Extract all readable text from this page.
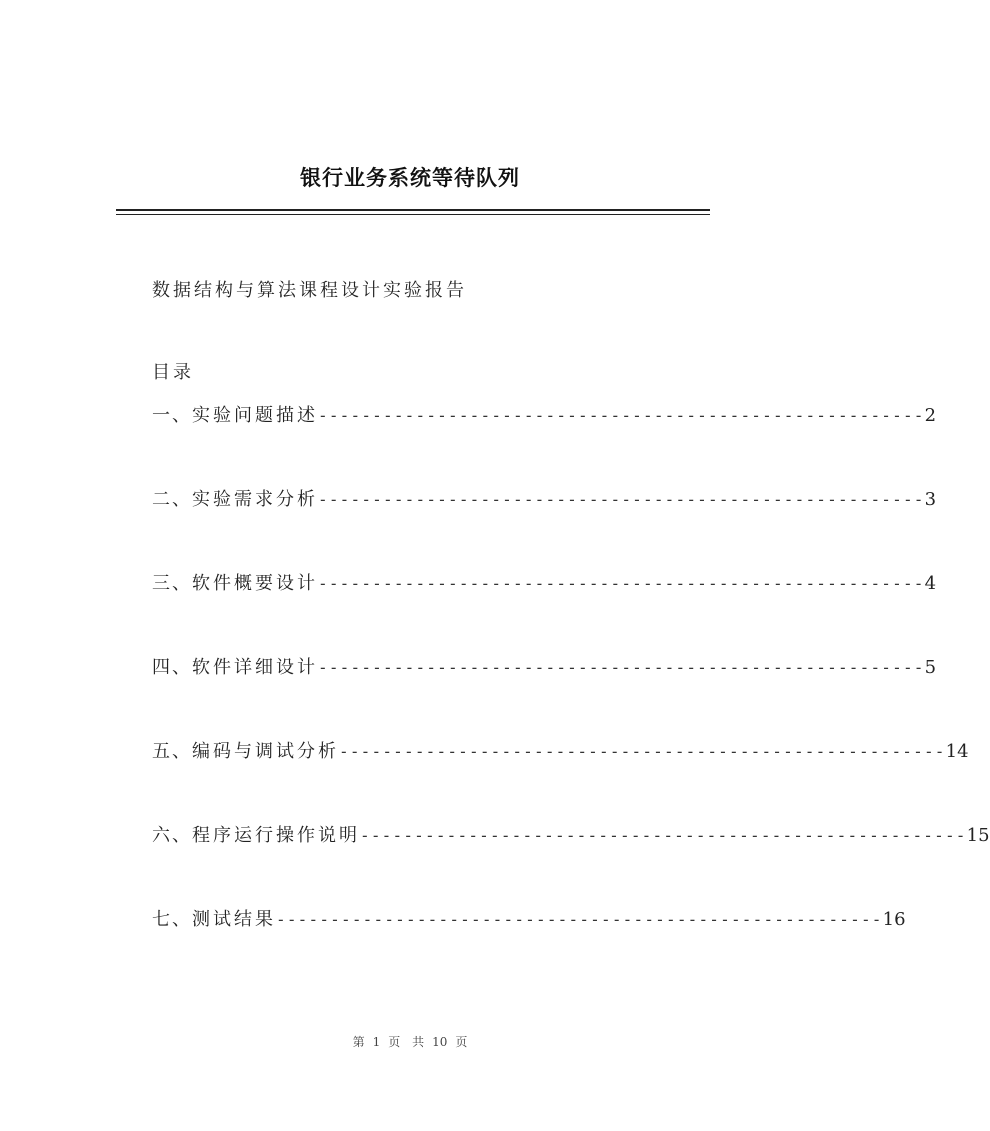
银行业务系统等待队列
数据结构与算法课程设计实验报告
目录
一、 实验问题描述 -------------------------------------------------------- 2
二、 实验需求分析 -------------------------------------------------------- 3
三、 软件概要设计 -------------------------------------------------------- 4
四、 软件详细设计 -------------------------------------------------------- 5
五、 编码与调试分析 -------------------------------------------------------- 14
六、 程序运行操作说明 -------------------------------------------------------- 15
七、 测试结果 -------------------------------------------------------- 16
第 1 页 共 10 页
